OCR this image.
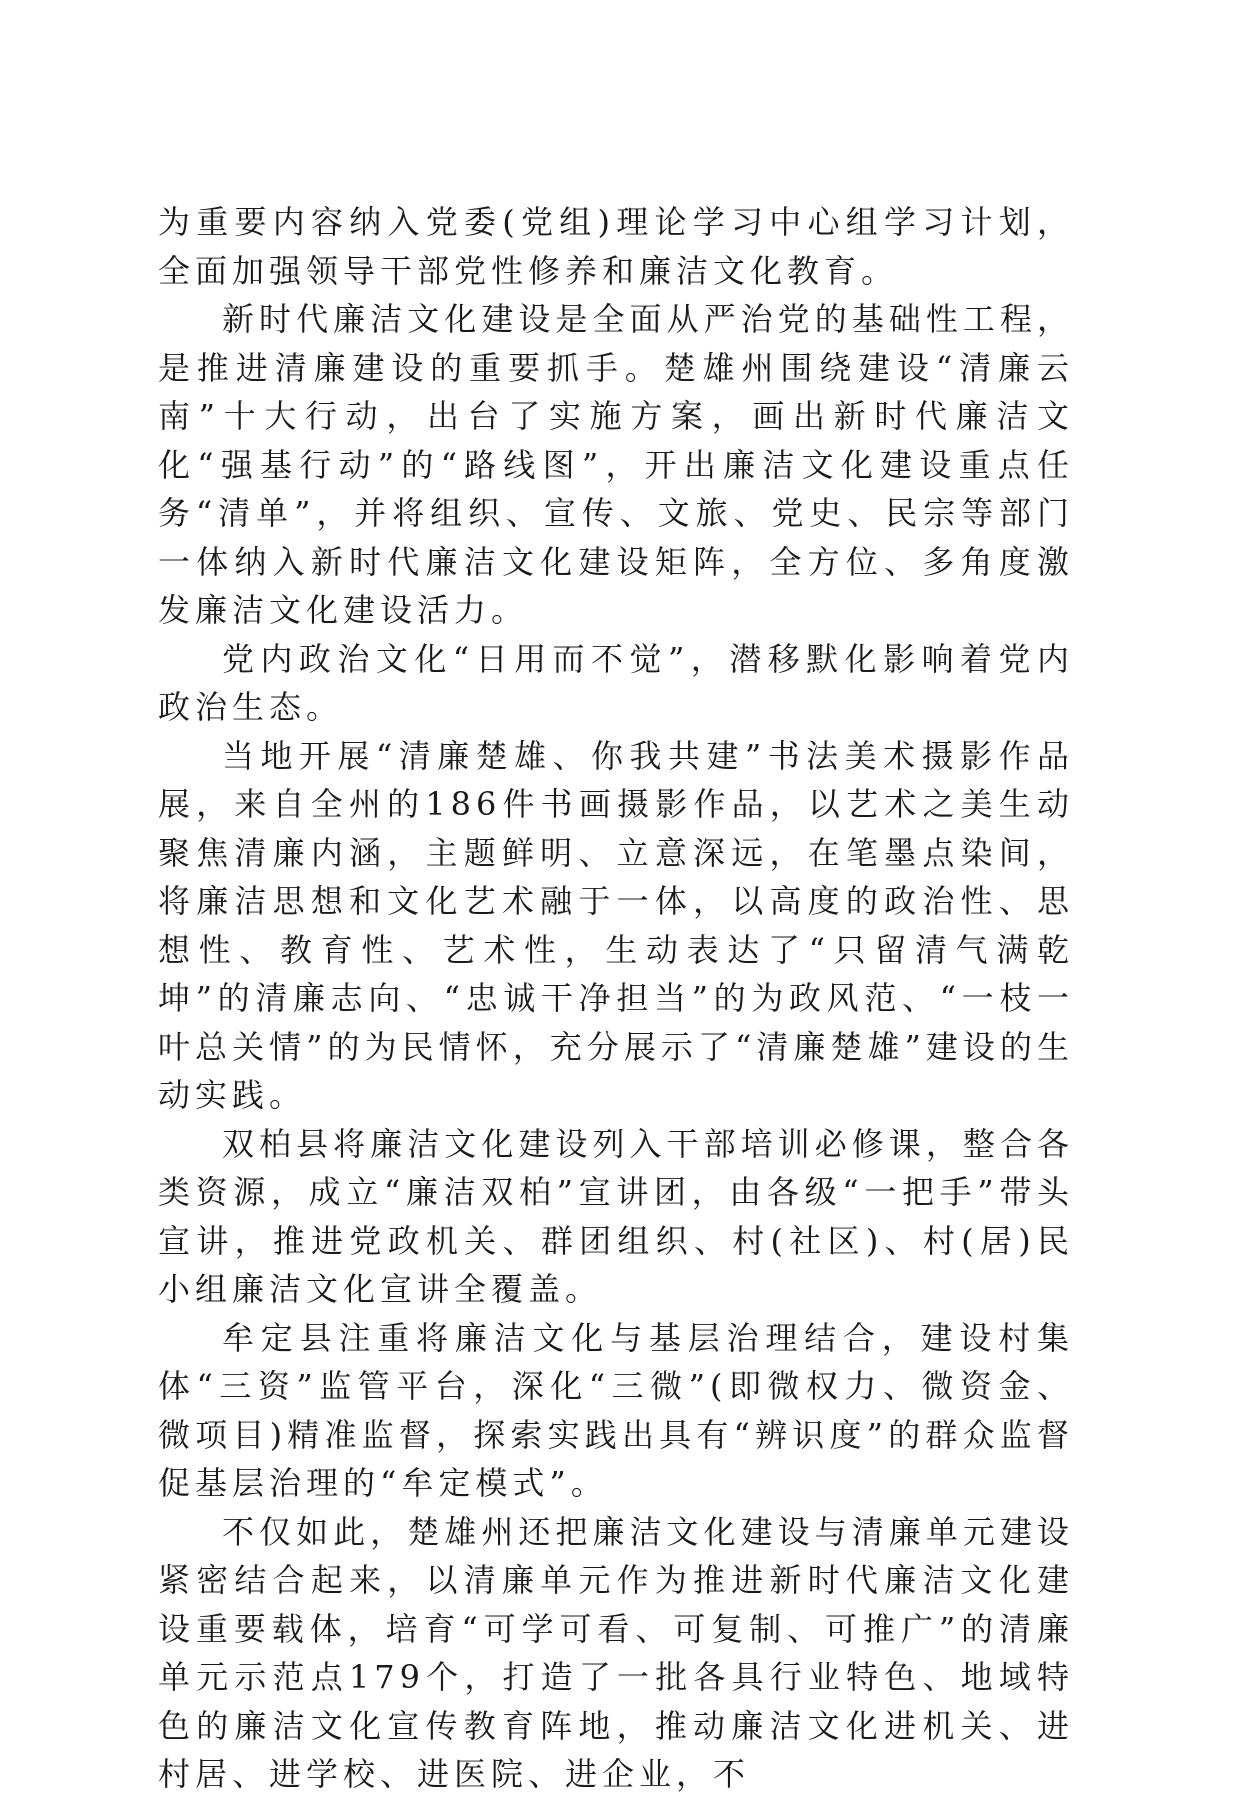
为重要内容纳入党委(党组)理论学习中心组学习计划，全面加强领导干部党性修养和廉洁文化教育。

新时代廉洁文化建设是全面从严治党的基础性工程，是推进清廉建设的重要抓手。楚雄州围绕建设“清廉云南”十大行动，出台了实施方案，画出新时代廉洁文化“强基行动”的“路线图”，开出廉洁文化建设重点任务“清单”，并将组织、宣传、文旅、党史、民宗等部门一体纳入新时代廉洁文化建设矩阵，全方位、多角度激发廉洁文化建设活力。

党内政治文化“日用而不觉”，潜移默化影响着党内政治生态。

当地开展“清廉楚雄、你我共建”书法美术摄影作品展，来自全州的186件书画摄影作品，以艺术之美生动聚焦清廉内涵，主题鲜明、立意深远，在笔墨点染间，将廉洁思想和文化艺术融于一体，以高度的政治性、思想性、教育性、艺术性，生动表达了“只留清气满乾坤”的清廉志向、“忠诚干净担当”的为政风范、“一枝一叶总关情”的为民情怀，充分展示了“清廉楚雄”建设的生动实践。

双柏县将廉洁文化建设列入干部培训必修课，整合各类资源，成立“廉洁双柏”宣讲团，由各级“一把手”带头宣讲，推进党政机关、群团组织、村(社区)、村(居)民小组廉洁文化宣讲全覆盖。

牟定县注重将廉洁文化与基层治理结合，建设村集体“三资”监管平台，深化“三微”(即微权力、微资金、微项目)精准监督，探索实践出具有“辨识度”的群众监督促基层治理的“牟定模式”。

不仅如此，楚雄州还把廉洁文化建设与清廉单元建设紧密结合起来，以清廉单元作为推进新时代廉洁文化建设重要载体，培育“可学可看、可复制、可推广”的清廉单元示范点179个，打造了一批各具行业特色、地域特色的廉洁文化宣传教育阵地，推动廉洁文化进机关、进村居、进学校、进医院、进企业，不
